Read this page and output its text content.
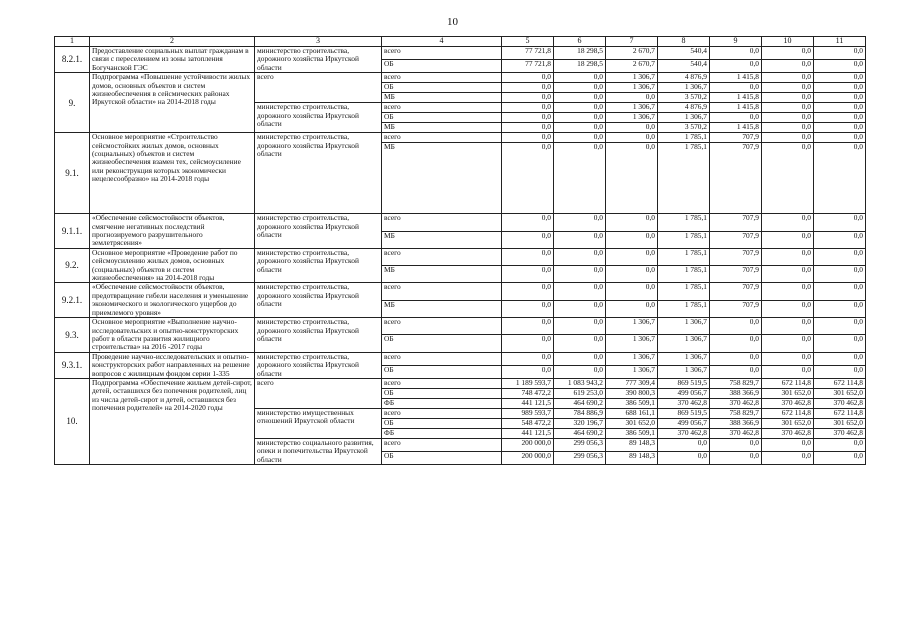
10
1	2	3	4	5	6	7	8	9	10	11
8.2.1.	Предоставление социальных выплат гражданам в связи с переселением из зоны затопления Богучанской ГЭС	министерство строительства, дорожного хозяйства Иркутской области	всего	77 721,8	18 298,5	2 670,7	540,4	0,0	0,0	0,0
			ОБ	77 721,8	18 298,5	2 670,7	540,4	0,0	0,0	0,0
9.	Подпрограмма «Повышение устойчивости жилых домов, основных объектов и систем жизнеобеспечения в сейсмических районах Иркутской области» на 2014-2018 годы	всего	всего	0,0	0,0	1 306,7	4 876,9	1 415,8	0,0	0,0
			ОБ	0,0	0,0	1 306,7	1 306,7	0,0	0,0	0,0
			МБ	0,0	0,0	0,0	3 570,2	1 415,8	0,0	0,0
		министерство строительства, дорожного хозяйства Иркутской области	всего	0,0	0,0	1 306,7	4 876,9	1 415,8	0,0	0,0
			ОБ	0,0	0,0	1 306,7	1 306,7	0,0	0,0	0,0
			МБ	0,0	0,0	0,0	3 570,2	1 415,8	0,0	0,0
9.1.	Основное мероприятие «Строительство сейсмостойких жилых домов, основных (социальных) объектов и систем жизнеобеспечения взамен тех, сейсмоусиление или реконструкция которых экономически нецелесообразно» на 2014-2018 годы	министерство строительства, дорожного хозяйства Иркутской области	всего	0,0	0,0	0,0	1 785,1	707,9	0,0	0,0
			МБ	0,0	0,0	0,0	1 785,1	707,9	0,0	0,0
9.1.1.	«Обеспечение сейсмостойкости объектов, смягчение негативных последствий прогнозируемого разрушительного землетрясения»	министерство строительства, дорожного хозяйства Иркутской области	всего	0,0	0,0	0,0	1 785,1	707,9	0,0	0,0
			МБ	0,0	0,0	0,0	1 785,1	707,9	0,0	0,0
9.2.	Основное мероприятие «Проведение работ по сейсмоусилению жилых домов, основных (социальных) объектов и систем жизнеобеспечения» на 2014-2018 годы	министерство строительства, дорожного хозяйства Иркутской области	всего	0,0	0,0	0,0	1 785,1	707,9	0,0	0,0
			МБ	0,0	0,0	0,0	1 785,1	707,9	0,0	0,0
9.2.1.	«Обеспечение сейсмостойкости объектов, предотвращение гибели населения и уменьшение экономического и экологического ущербов до приемлемого уровня»	министерство строительства, дорожного хозяйства Иркутской области	всего	0,0	0,0	0,0	1 785,1	707,9	0,0	0,0
			МБ	0,0	0,0	0,0	1 785,1	707,9	0,0	0,0
9.3.	Основное мероприятие «Выполнение научно-исследовательских и опытно-конструкторских работ в области развития жилищного строительства» на 2016 -2017 годы	министерство строительства, дорожного хозяйства Иркутской области	всего	0,0	0,0	1 306,7	1 306,7	0,0	0,0	0,0
			ОБ	0,0	0,0	1 306,7	1 306,7	0,0	0,0	0,0
9.3.1.	Проведение научно-исследовательских и опытно-конструкторских работ направленных на решение вопросов с жилищным фондом серии 1-335	министерство строительства, дорожного хозяйства Иркутской области	всего	0,0	0,0	1 306,7	1 306,7	0,0	0,0	0,0
			ОБ	0,0	0,0	1 306,7	1 306,7	0,0	0,0	0,0
10.	Подпрограмма «Обеспечение жильем детей-сирот, детей, оставшихся без попечения родителей, лиц из числа детей-сирот и детей, оставшихся без попечения родителей» на 2014-2020 годы	всего	всего	1 189 593,7	1 083 943,2	777 309,4	869 519,5	758 829,7	672 114,8	672 114,8
			ОБ	748 472,2	619 253,0	390 800,3	499 056,7	388 366,9	301 652,0	301 652,0
			ФБ	441 121,5	464 690,2	386 509,1	370 462,8	370 462,8	370 462,8	370 462,8
		министерство имущественных отношений Иркутской области	всего	989 593,7	784 886,9	688 161,1	869 519,5	758 829,7	672 114,8	672 114,8
			ОБ	548 472,2	320 196,7	301 652,0	499 056,7	388 366,9	301 652,0	301 652,0
			ФБ	441 121,5	464 690,2	386 509,1	370 462,8	370 462,8	370 462,8	370 462,8
		министерство социального развития, опеки и попечительства Иркутской области	всего	200 000,0	299 056,3	89 148,3	0,0	0,0	0,0	0,0
			ОБ	200 000,0	299 056,3	89 148,3	0,0	0,0	0,0	0,0
